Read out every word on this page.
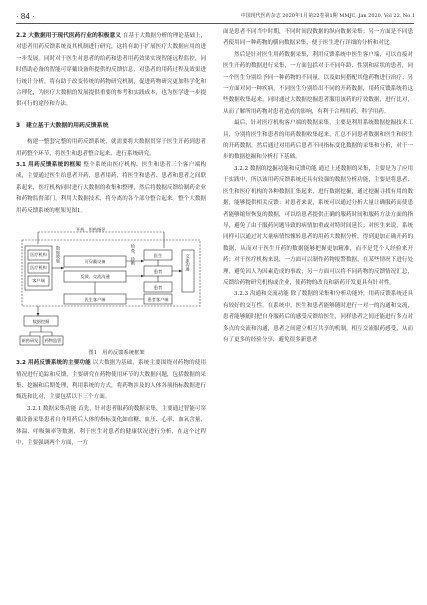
· 84 ·	中国现代医药杂志 2020年1月第22卷第1期 MMJC, Jan 2020, Vol 22, No.1

2.2 大数据用于现代医药行业的积极意义 在基于大数据分析的理论基础上，对患者用药反馈系统及其机制进行研究，这将有助于扩展医疗大数据应用的进一步发展。同时对于医生对患者的给药和患者用药效果实现智能远程监控，同时借助必备的智能可穿戴设备所提供的反馈信息，对患者的用药过程及效果进行统计分析，将有助于改变传统的药物研究机制，促进药物研究更加科学化和合理化，为医疗大数据的发展提供重要的参考和实践成本，也为医学进一步提供可行的途径和方法。

3　建立基于大数据的用药反馈系统

构建一整套完整的用药反馈系统，就需要将大数据贯穿于医生开药到患者用药整个环节，将医生和患者整合起来，进行系统研究。

3.1 用药反馈系统的框架 整个系统由医疗机构、医生和患者三个客户端构成，主要通过医生给患者开药，患者用药，将医生和患者、患者和患者之间联系起来，医疗机构同时进行大数据的收集和整理，然后将数据反馈给制药企业和药物监督部门，利用大数据技术，将分离的各个部分整合起来。整个大数据用药反馈系统的框架见图1。

开药、用药指导
医疗机构
医疗机构
客户端
可穿戴设备
反馈、交流沟通
医生
患者
患者
数据收集	检查、诊断	交流沟通
医生客户端	患者客户端
数据挖掘
新药研发	药物监管

图1　用药反馈系统框架

3.2 用药反馈系统的主要功能 以大数据为基础，系统主要围绕对药物的使用情况进行追踪和反馈，主要研究在药物使用环节的大数据问题，包括数据的采集、挖掘和后期处理，利用系统的方式，将药物涉及的人体各项指标数据进行甄选和比对，主要包括以下三个方面。

3.2.1 数据采集功能 首先，针对患者服药的数据采集，主要通过智能可穿戴设备采集患者自身用药后人体的指标变化如血糖、血压、心率、血氧含量、体温、呼吸频率等数据，利于医生对患者的健康状况进行分析，在这个过程中，主要强调两个方面，一方

面是患者不同当中时期，不同时间段数据的纵向数据采集；另一方面是不同患者使用同一种药物的横向数据采集，便于医生进行详细的分析和对比。

然后是针对医生用药数据采集，利用反馈系统中医生客户端，可以直接对医生开药的数据进行采集，一方面包括对于不同年龄、性别和症状的患者，同一个医生分别给予同一种药物的不同量，以及如何搭配其他药物进行治疗；另一方面对同一种疾病，不同医生分别给出不同的开药数据，用药反馈系统将这些数据收集起来，同时通过大数据挖掘患者服用该药的疗效数据，进行比对，从而了解所用药物对患者造成的影响，有利于合理用药，科学用药。

最后，针对医疗机构客户端的数据采集，主要是利用系统数据挖掘技术工具，分别将医生和患者的用药数据收集起来，汇总不同患者数据和医生和医生的开药数据，然后通过对用药后患者不同指标变化数据的采集和分析，对于一步的数据挖掘和分析打下基础。

3.2.2 数据的挖掘功能和反馈功能 通过上述数据的采集，主要是为了应用于实践中，所以该用药反馈系统还具有较强的数据分析功能，主要是将患者、医生和医疗机构的各种数据汇集起来，进行数据挖掘，通过挖掘寻找有用的数据，能够提供相关反馈：对患者来说，系统可以通过分析大量让确服药而使患者能够缩短恢复的数据，可以给患者提供正确的服药时间和服药方法方面的指导，避免了由于服药问题导致的病情加重或对特时间延长；对医生来说，系统同样可以通过对大量病情惊悚转患者的用药大数据分析，得到更加正确开药的数据，从而对于医生开药的数据能够把握更加精准，而不是凭个人经验来开药；对于医疗机构来说，一方面可以制作药物报警数据，在某些情况下进行处理，避免因人为因素造成的事故；另一方面可以将不同药物的反馈情况汇总，反馈给药物研究机构或企业，使药物的改良和新药开发更具有针对性。

3.2.3 沟通和交流功能 除了数据的采集和分析功能外，用药反馈系统还具有较好的交互性。在系统中，医生和患者能够随时进行一对一的沟通和交流，患者能够随时把自身服药后的感受反馈给医生，同样患者之间还能进行多点对多点的交流和沟通，患者之间建立相互共享的机制，相互交流服药感受，从而有了更多的经验分享，避免很多新患者
